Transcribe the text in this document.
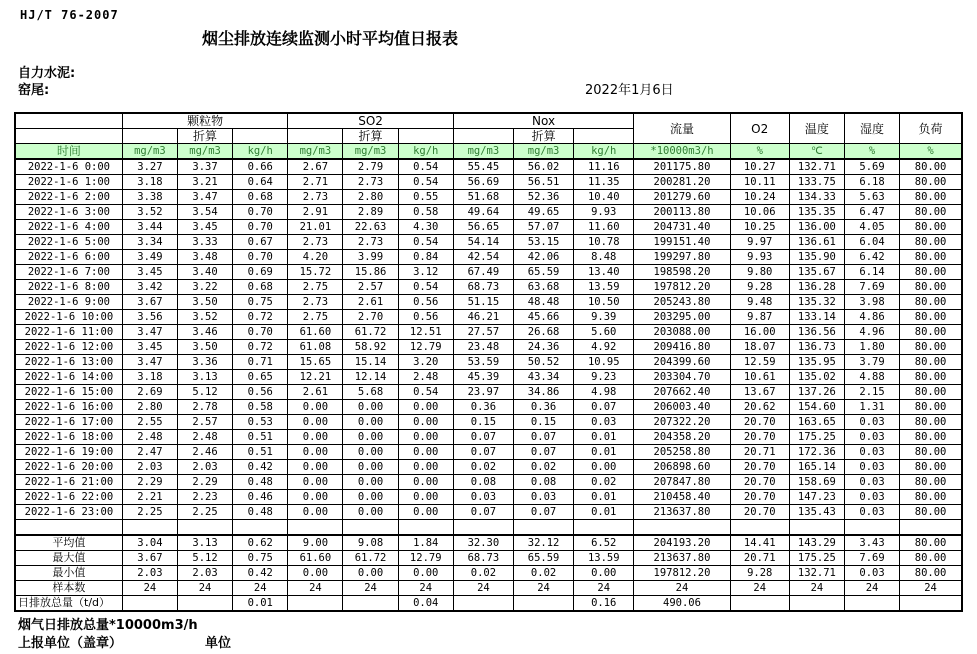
HJ/T 76-2007
烟尘排放连续监测小时平均值日报表
自力水泥:
窑尾:	2022年1月6日
	颗粒物			SO2			Nox			流量	O2	温度	湿度	负荷
		折算			折算			折算						
时间	mg/m3	mg/m3	kg/h	mg/m3	mg/m3	kg/h	mg/m3	mg/m3	kg/h	*10000m3/h	%	℃	%	%
2022-1-6 0:00	3.27	3.37	0.66	2.67	2.79	0.54	55.45	56.02	11.16	201175.80	10.27	132.71	5.69	80.00
2022-1-6 1:00	3.18	3.21	0.64	2.71	2.73	0.54	56.69	56.51	11.35	200281.20	10.11	133.75	6.18	80.00
2022-1-6 2:00	3.38	3.47	0.68	2.73	2.80	0.55	51.68	52.36	10.40	201279.60	10.24	134.33	5.63	80.00
2022-1-6 3:00	3.52	3.54	0.70	2.91	2.89	0.58	49.64	49.65	9.93	200113.80	10.06	135.35	6.47	80.00
2022-1-6 4:00	3.44	3.45	0.70	21.01	22.63	4.30	56.65	57.07	11.60	204731.40	10.25	136.00	4.05	80.00
2022-1-6 5:00	3.34	3.33	0.67	2.73	2.73	0.54	54.14	53.15	10.78	199151.40	9.97	136.61	6.04	80.00
2022-1-6 6:00	3.49	3.48	0.70	4.20	3.99	0.84	42.54	42.06	8.48	199297.80	9.93	135.90	6.42	80.00
2022-1-6 7:00	3.45	3.40	0.69	15.72	15.86	3.12	67.49	65.59	13.40	198598.20	9.80	135.67	6.14	80.00
2022-1-6 8:00	3.42	3.22	0.68	2.75	2.57	0.54	68.73	63.68	13.59	197812.20	9.28	136.28	7.69	80.00
2022-1-6 9:00	3.67	3.50	0.75	2.73	2.61	0.56	51.15	48.48	10.50	205243.80	9.48	135.32	3.98	80.00
2022-1-6 10:00	3.56	3.52	0.72	2.75	2.70	0.56	46.21	45.66	9.39	203295.00	9.87	133.14	4.86	80.00
2022-1-6 11:00	3.47	3.46	0.70	61.60	61.72	12.51	27.57	26.68	5.60	203088.00	16.00	136.56	4.96	80.00
2022-1-6 12:00	3.45	3.50	0.72	61.08	58.92	12.79	23.48	24.36	4.92	209416.80	18.07	136.73	1.80	80.00
2022-1-6 13:00	3.47	3.36	0.71	15.65	15.14	3.20	53.59	50.52	10.95	204399.60	12.59	135.95	3.79	80.00
2022-1-6 14:00	3.18	3.13	0.65	12.21	12.14	2.48	45.39	43.34	9.23	203304.70	10.61	135.02	4.88	80.00
2022-1-6 15:00	2.69	5.12	0.56	2.61	5.68	0.54	23.97	34.86	4.98	207662.40	13.67	137.26	2.15	80.00
2022-1-6 16:00	2.80	2.78	0.58	0.00	0.00	0.00	0.36	0.36	0.07	206003.40	20.62	154.60	1.31	80.00
2022-1-6 17:00	2.55	2.57	0.53	0.00	0.00	0.00	0.15	0.15	0.03	207322.20	20.70	163.65	0.03	80.00
2022-1-6 18:00	2.48	2.48	0.51	0.00	0.00	0.00	0.07	0.07	0.01	204358.20	20.70	175.25	0.03	80.00
2022-1-6 19:00	2.47	2.46	0.51	0.00	0.00	0.00	0.07	0.07	0.01	205258.80	20.71	172.36	0.03	80.00
2022-1-6 20:00	2.03	2.03	0.42	0.00	0.00	0.00	0.02	0.02	0.00	206898.60	20.70	165.14	0.03	80.00
2022-1-6 21:00	2.29	2.29	0.48	0.00	0.00	0.00	0.08	0.08	0.02	207847.80	20.70	158.69	0.03	80.00
2022-1-6 22:00	2.21	2.23	0.46	0.00	0.00	0.00	0.03	0.03	0.01	210458.40	20.70	147.23	0.03	80.00
2022-1-6 23:00	2.25	2.25	0.48	0.00	0.00	0.00	0.07	0.07	0.01	213637.80	20.70	135.43	0.03	80.00

平均值	3.04	3.13	0.62	9.00	9.08	1.84	32.30	32.12	6.52	204193.20	14.41	143.29	3.43	80.00
最大值	3.67	5.12	0.75	61.60	61.72	12.79	68.73	65.59	13.59	213637.80	20.71	175.25	7.69	80.00
最小值	2.03	2.03	0.42	0.00	0.00	0.00	0.02	0.02	0.00	197812.20	9.28	132.71	0.03	80.00
样本数	24	24	24	24	24	24	24	24	24	24	24	24	24	24
日排放总量（t/d）			0.01			0.04			0.16	490.06				
烟气日排放总量*10000m3/h
上报单位（盖章）	单位
